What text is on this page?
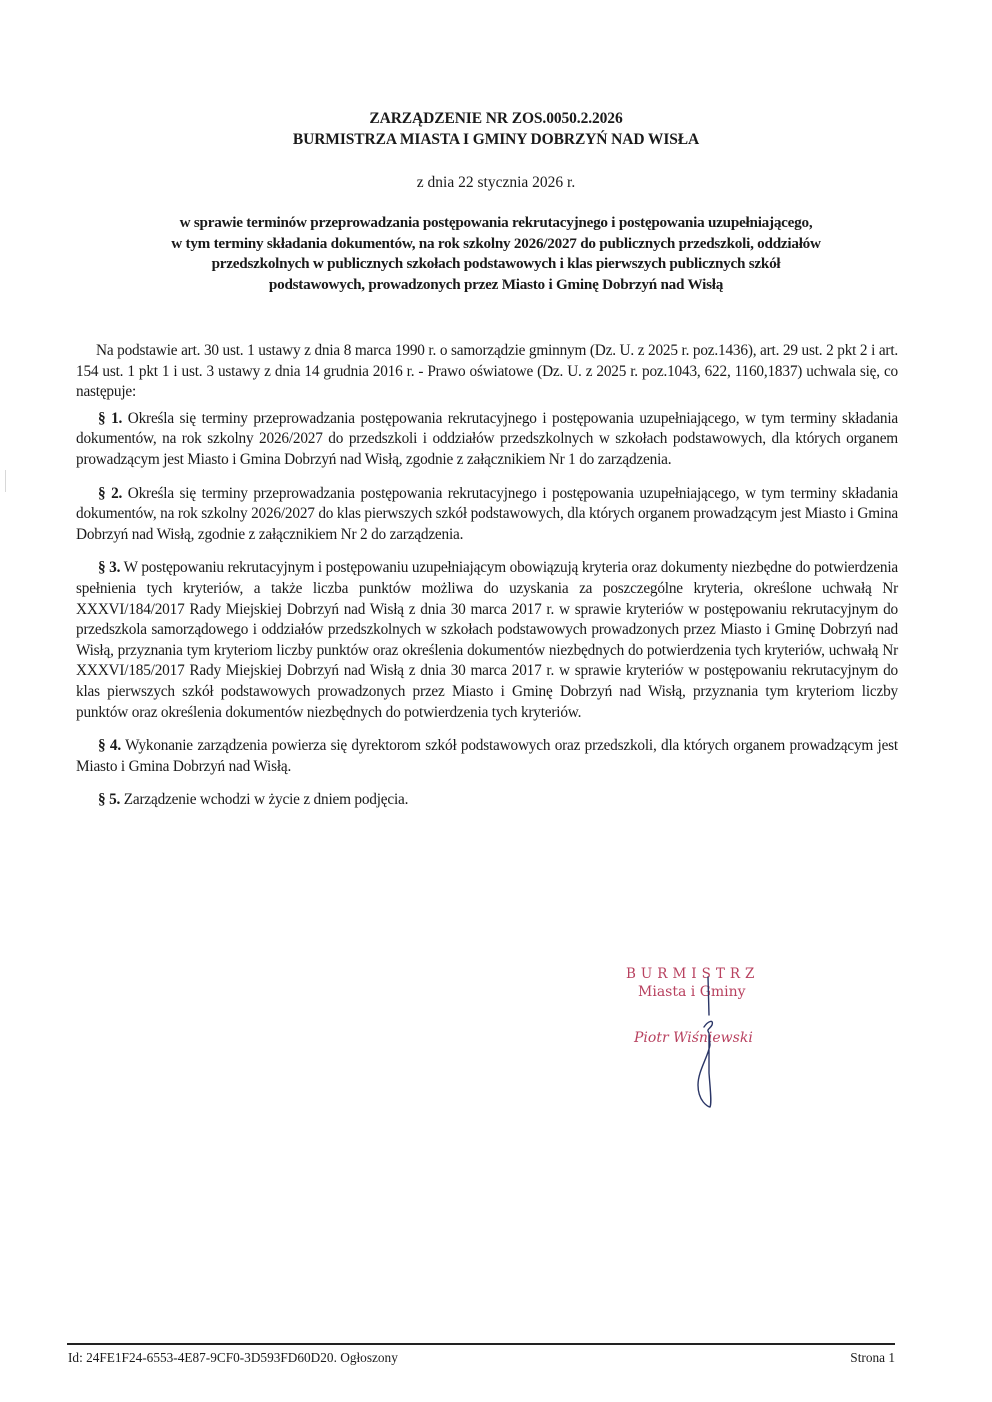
ZARZĄDZENIE NR ZOS.0050.2.2026
BURMISTRZA MIASTA I GMINY DOBRZYŃ NAD WISŁA
z dnia 22 stycznia 2026 r.
w sprawie terminów przeprowadzania postępowania rekrutacyjnego i postępowania uzupełniającego,
w tym terminy składania dokumentów, na rok szkolny 2026/2027 do publicznych przedszkoli, oddziałów
przedszkolnych w publicznych szkołach podstawowych i klas pierwszych publicznych szkół
podstawowych, prowadzonych przez Miasto i Gminę Dobrzyń nad Wisłą

Na podstawie art. 30 ust. 1 ustawy z dnia 8 marca 1990 r. o samorządzie gminnym (Dz. U. z 2025 r. poz.1436), art. 29 ust. 2 pkt 2 i art. 154 ust. 1 pkt 1 i ust. 3 ustawy z dnia 14 grudnia 2016 r. - Prawo oświatowe (Dz. U. z 2025 r. poz.1043, 622, 1160,1837) uchwala się, co następuje:

§ 1. Określa się terminy przeprowadzania postępowania rekrutacyjnego i postępowania uzupełniającego, w tym terminy składania dokumentów, na rok szkolny 2026/2027 do przedszkoli i oddziałów przedszkolnych w szkołach podstawowych, dla których organem prowadzącym jest Miasto i Gmina Dobrzyń nad Wisłą, zgodnie z załącznikiem Nr 1 do zarządzenia.

§ 2. Określa się terminy przeprowadzania postępowania rekrutacyjnego i postępowania uzupełniającego, w tym terminy składania dokumentów, na rok szkolny 2026/2027 do klas pierwszych szkół podstawowych, dla których organem prowadzącym jest Miasto i Gmina Dobrzyń nad Wisłą, zgodnie z załącznikiem Nr 2 do zarządzenia.

§ 3. W postępowaniu rekrutacyjnym i postępowaniu uzupełniającym obowiązują kryteria oraz dokumenty niezbędne do potwierdzenia spełnienia tych kryteriów, a także liczba punktów możliwa do uzyskania za poszczególne kryteria, określone uchwałą Nr XXXVI/184/2017 Rady Miejskiej Dobrzyń nad Wisłą z dnia 30 marca 2017 r. w sprawie kryteriów w postępowaniu rekrutacyjnym do przedszkola samorządowego i oddziałów przedszkolnych w szkołach podstawowych prowadzonych przez Miasto i Gminę Dobrzyń nad Wisłą, przyznania tym kryteriom liczby punktów oraz określenia dokumentów niezbędnych do potwierdzenia tych kryteriów, uchwałą Nr XXXVI/185/2017 Rady Miejskiej Dobrzyń nad Wisłą z dnia 30 marca 2017 r. w sprawie kryteriów w postępowaniu rekrutacyjnym do klas pierwszych szkół podstawowych prowadzonych przez Miasto i Gminę Dobrzyń nad Wisłą, przyznania tym kryteriom liczby punktów oraz określenia dokumentów niezbędnych do potwierdzenia tych kryteriów.

§ 4. Wykonanie zarządzenia powierza się dyrektorom szkół podstawowych oraz przedszkoli, dla których organem prowadzącym jest Miasto i Gmina Dobrzyń nad Wisłą.

§ 5. Zarządzenie wchodzi w życie z dniem podjęcia.

BURMISTRZ
Miasta i Gminy
Piotr Wiśniewski
Id: 24FE1F24-6553-4E87-9CF0-3D593FD60D20. Ogłoszony	Strona 1
